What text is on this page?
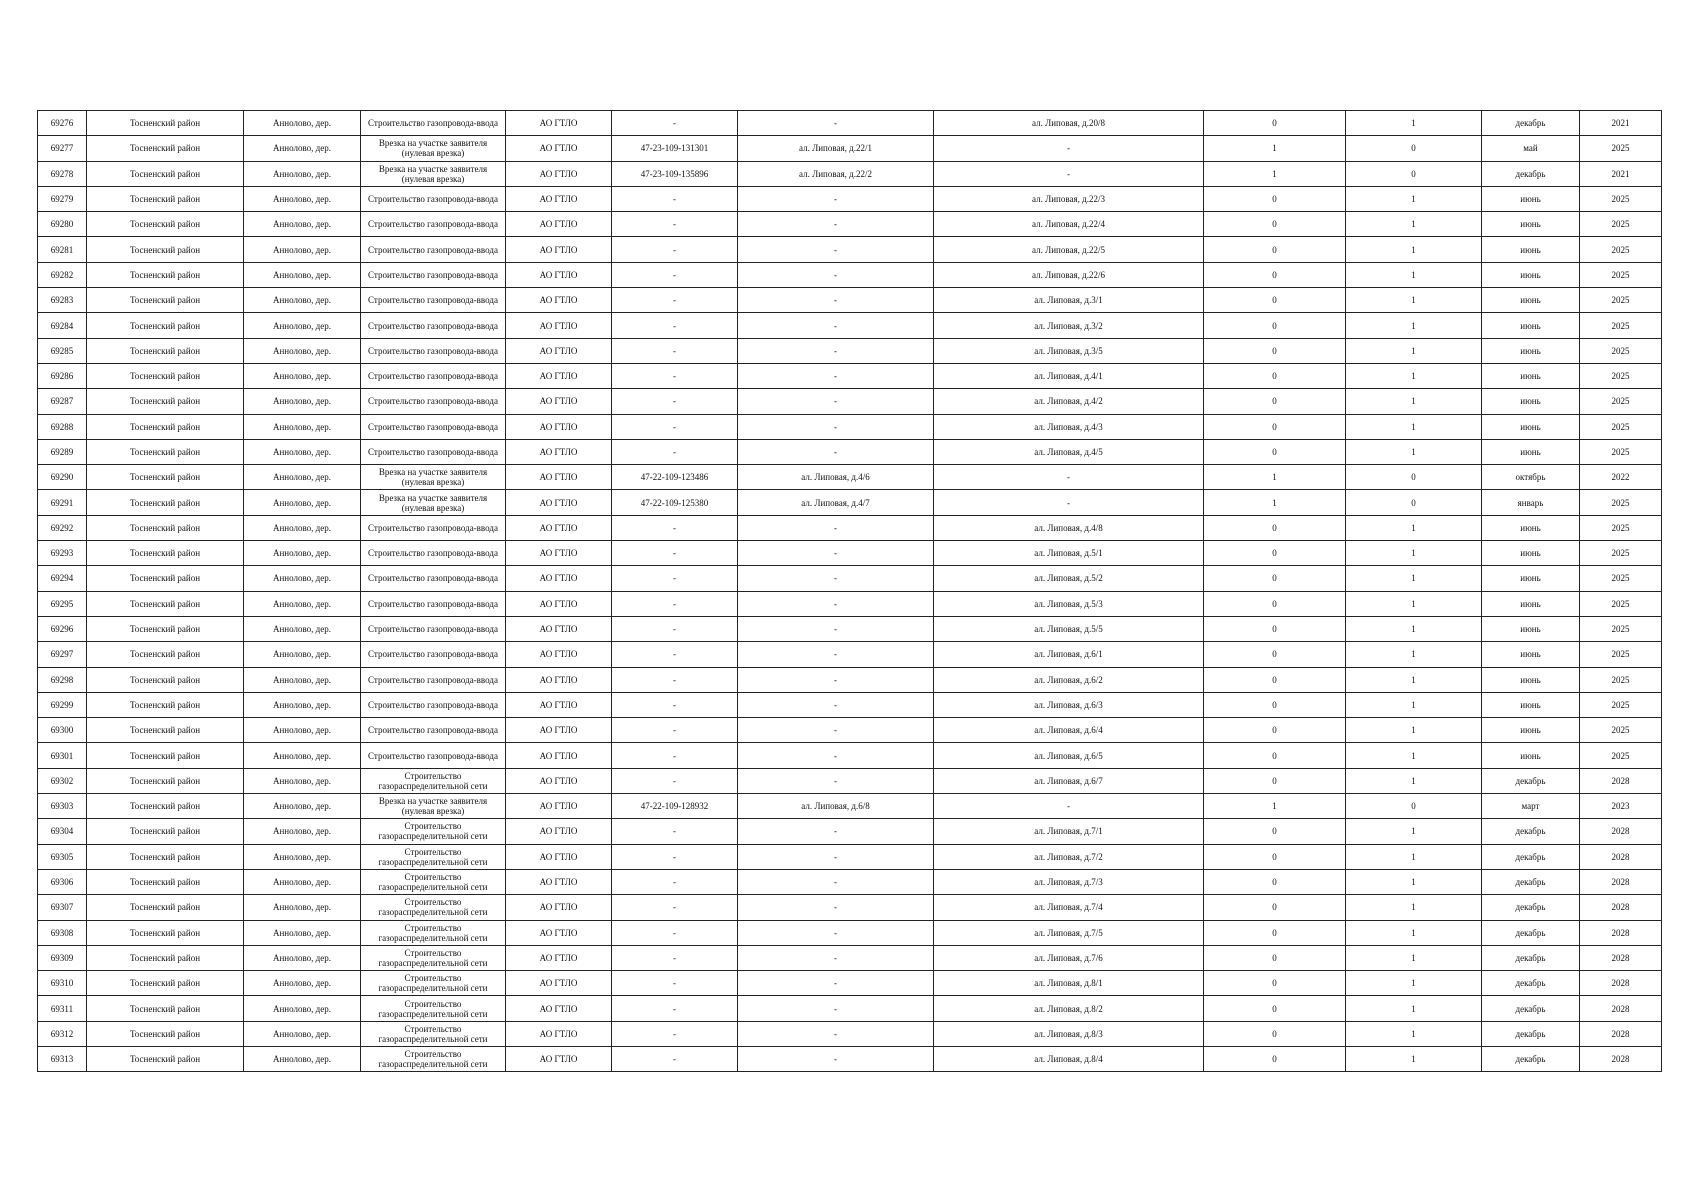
69276	Тосненский район	Аннолово, дер.	Строительство газопровода-ввода	АО ГТЛО	-	-	ал. Липовая, д.20/8	0	1	декабрь	2021
69277	Тосненский район	Аннолово, дер.	Врезка на участке заявителя (нулевая врезка)	АО ГТЛО	47-23-109-131301	ал. Липовая, д.22/1	-	1	0	май	2025
69278	Тосненский район	Аннолово, дер.	Врезка на участке заявителя (нулевая врезка)	АО ГТЛО	47-23-109-135896	ал. Липовая, д.22/2	-	1	0	декабрь	2021
69279	Тосненский район	Аннолово, дер.	Строительство газопровода-ввода	АО ГТЛО	-	-	ал. Липовая, д.22/3	0	1	июнь	2025
69280	Тосненский район	Аннолово, дер.	Строительство газопровода-ввода	АО ГТЛО	-	-	ал. Липовая, д.22/4	0	1	июнь	2025
69281	Тосненский район	Аннолово, дер.	Строительство газопровода-ввода	АО ГТЛО	-	-	ал. Липовая, д.22/5	0	1	июнь	2025
69282	Тосненский район	Аннолово, дер.	Строительство газопровода-ввода	АО ГТЛО	-	-	ал. Липовая, д.22/6	0	1	июнь	2025
69283	Тосненский район	Аннолово, дер.	Строительство газопровода-ввода	АО ГТЛО	-	-	ал. Липовая, д.3/1	0	1	июнь	2025
69284	Тосненский район	Аннолово, дер.	Строительство газопровода-ввода	АО ГТЛО	-	-	ал. Липовая, д.3/2	0	1	июнь	2025
69285	Тосненский район	Аннолово, дер.	Строительство газопровода-ввода	АО ГТЛО	-	-	ал. Липовая, д.3/5	0	1	июнь	2025
69286	Тосненский район	Аннолово, дер.	Строительство газопровода-ввода	АО ГТЛО	-	-	ал. Липовая, д.4/1	0	1	июнь	2025
69287	Тосненский район	Аннолово, дер.	Строительство газопровода-ввода	АО ГТЛО	-	-	ал. Липовая, д.4/2	0	1	июнь	2025
69288	Тосненский район	Аннолово, дер.	Строительство газопровода-ввода	АО ГТЛО	-	-	ал. Липовая, д.4/3	0	1	июнь	2025
69289	Тосненский район	Аннолово, дер.	Строительство газопровода-ввода	АО ГТЛО	-	-	ал. Липовая, д.4/5	0	1	июнь	2025
69290	Тосненский район	Аннолово, дер.	Врезка на участке заявителя (нулевая врезка)	АО ГТЛО	47-22-109-123486	ал. Липовая, д.4/6	-	1	0	октябрь	2022
69291	Тосненский район	Аннолово, дер.	Врезка на участке заявителя (нулевая врезка)	АО ГТЛО	47-22-109-125380	ал. Липовая, д.4/7	-	1	0	январь	2025
69292	Тосненский район	Аннолово, дер.	Строительство газопровода-ввода	АО ГТЛО	-	-	ал. Липовая, д.4/8	0	1	июнь	2025
69293	Тосненский район	Аннолово, дер.	Строительство газопровода-ввода	АО ГТЛО	-	-	ал. Липовая, д.5/1	0	1	июнь	2025
69294	Тосненский район	Аннолово, дер.	Строительство газопровода-ввода	АО ГТЛО	-	-	ал. Липовая, д.5/2	0	1	июнь	2025
69295	Тосненский район	Аннолово, дер.	Строительство газопровода-ввода	АО ГТЛО	-	-	ал. Липовая, д.5/3	0	1	июнь	2025
69296	Тосненский район	Аннолово, дер.	Строительство газопровода-ввода	АО ГТЛО	-	-	ал. Липовая, д.5/5	0	1	июнь	2025
69297	Тосненский район	Аннолово, дер.	Строительство газопровода-ввода	АО ГТЛО	-	-	ал. Липовая, д.6/1	0	1	июнь	2025
69298	Тосненский район	Аннолово, дер.	Строительство газопровода-ввода	АО ГТЛО	-	-	ал. Липовая, д.6/2	0	1	июнь	2025
69299	Тосненский район	Аннолово, дер.	Строительство газопровода-ввода	АО ГТЛО	-	-	ал. Липовая, д.6/3	0	1	июнь	2025
69300	Тосненский район	Аннолово, дер.	Строительство газопровода-ввода	АО ГТЛО	-	-	ал. Липовая, д.6/4	0	1	июнь	2025
69301	Тосненский район	Аннолово, дер.	Строительство газопровода-ввода	АО ГТЛО	-	-	ал. Липовая, д.6/5	0	1	июнь	2025
69302	Тосненский район	Аннолово, дер.	Строительство газораспределительной сети	АО ГТЛО	-	-	ал. Липовая, д.6/7	0	1	декабрь	2028
69303	Тосненский район	Аннолово, дер.	Врезка на участке заявителя (нулевая врезка)	АО ГТЛО	47-22-109-128932	ал. Липовая, д.6/8	-	1	0	март	2023
69304	Тосненский район	Аннолово, дер.	Строительство газораспределительной сети	АО ГТЛО	-	-	ал. Липовая, д.7/1	0	1	декабрь	2028
69305	Тосненский район	Аннолово, дер.	Строительство газораспределительной сети	АО ГТЛО	-	-	ал. Липовая, д.7/2	0	1	декабрь	2028
69306	Тосненский район	Аннолово, дер.	Строительство газораспределительной сети	АО ГТЛО	-	-	ал. Липовая, д.7/3	0	1	декабрь	2028
69307	Тосненский район	Аннолово, дер.	Строительство газораспределительной сети	АО ГТЛО	-	-	ал. Липовая, д.7/4	0	1	декабрь	2028
69308	Тосненский район	Аннолово, дер.	Строительство газораспределительной сети	АО ГТЛО	-	-	ал. Липовая, д.7/5	0	1	декабрь	2028
69309	Тосненский район	Аннолово, дер.	Строительство газораспределительной сети	АО ГТЛО	-	-	ал. Липовая, д.7/6	0	1	декабрь	2028
69310	Тосненский район	Аннолово, дер.	Строительство газораспределительной сети	АО ГТЛО	-	-	ал. Липовая, д.8/1	0	1	декабрь	2028
69311	Тосненский район	Аннолово, дер.	Строительство газораспределительной сети	АО ГТЛО	-	-	ал. Липовая, д.8/2	0	1	декабрь	2028
69312	Тосненский район	Аннолово, дер.	Строительство газораспределительной сети	АО ГТЛО	-	-	ал. Липовая, д.8/3	0	1	декабрь	2028
69313	Тосненский район	Аннолово, дер.	Строительство газораспределительной сети	АО ГТЛО	-	-	ал. Липовая, д.8/4	0	1	декабрь	2028
